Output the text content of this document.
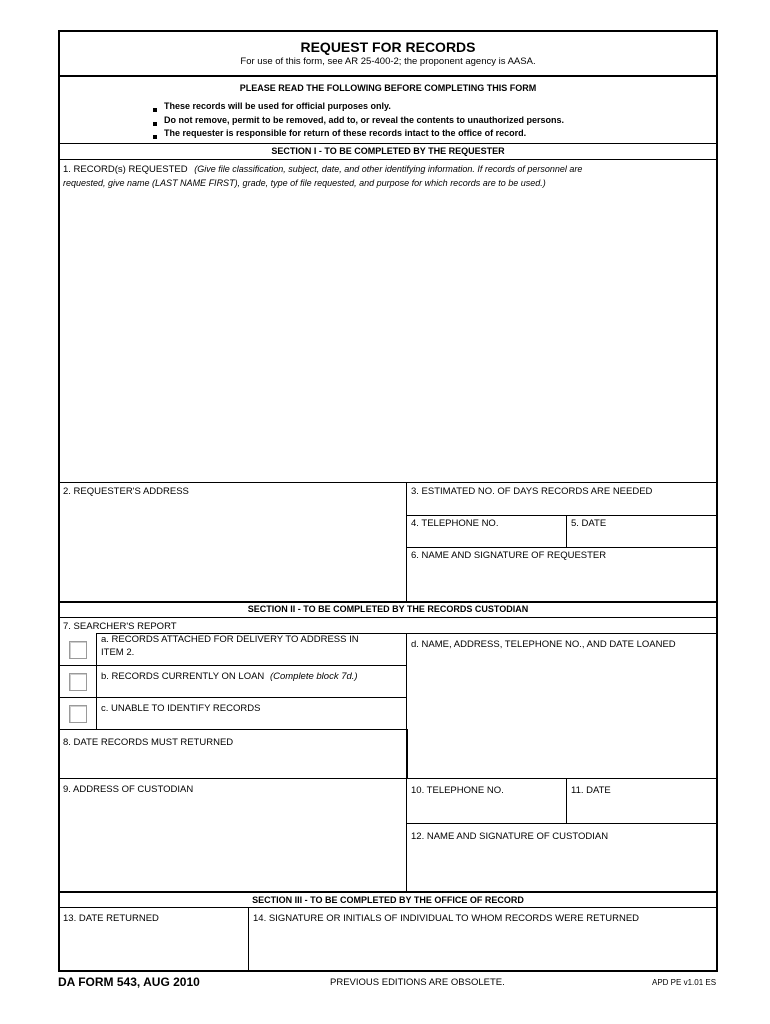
REQUEST FOR RECORDS
For use of this form, see AR 25-400-2; the proponent agency is AASA.
PLEASE READ THE FOLLOWING BEFORE COMPLETING THIS FORM
These records will be used for official purposes only.
Do not remove, permit to be removed, add to, or reveal the contents to unauthorized persons.
The requester is responsible for return of these records intact to the office of record.
SECTION I - TO BE COMPLETED BY THE REQUESTER
1. RECORD(s) REQUESTED (Give file classification, subject, date, and other identifying information. If records of personnel are
requested, give name (LAST NAME FIRST), grade, type of file requested, and purpose for which records are to be used.)
2. REQUESTER'S ADDRESS	3. ESTIMATED NO. OF DAYS RECORDS ARE NEEDED
4. TELEPHONE NO.	5. DATE
6. NAME AND SIGNATURE OF REQUESTER
SECTION II - TO BE COMPLETED BY THE RECORDS CUSTODIAN
7. SEARCHER'S REPORT
a. RECORDS ATTACHED FOR DELIVERY TO ADDRESS IN
ITEM 2.
b. RECORDS CURRENTLY ON LOAN (Complete block 7d.)
c. UNABLE TO IDENTIFY RECORDS
d. NAME, ADDRESS, TELEPHONE NO., AND DATE LOANED
8. DATE RECORDS MUST RETURNED
9. ADDRESS OF CUSTODIAN	10. TELEPHONE NO.	11. DATE
12. NAME AND SIGNATURE OF CUSTODIAN
SECTION III - TO BE COMPLETED BY THE OFFICE OF RECORD
13. DATE RETURNED	14. SIGNATURE OR INITIALS OF INDIVIDUAL TO WHOM RECORDS WERE RETURNED
DA FORM 543, AUG 2010	PREVIOUS EDITIONS ARE OBSOLETE.	APD PE v1.01 ES
